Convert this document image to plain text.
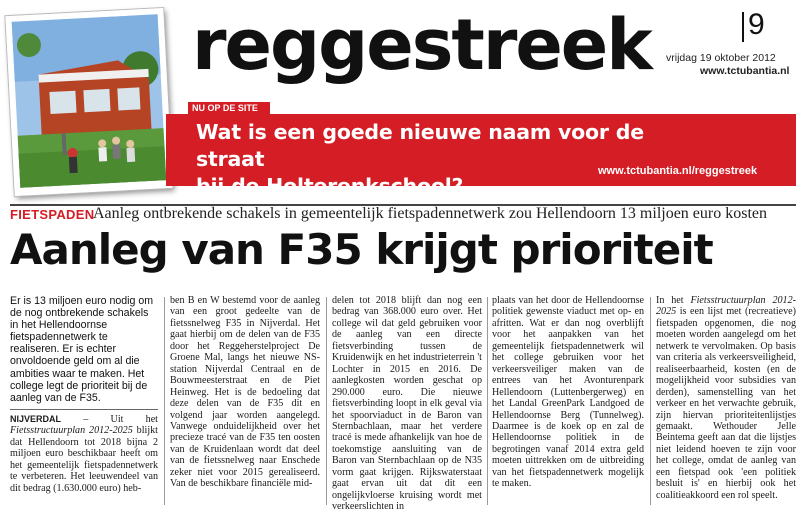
reggestreek	9
vrijdag 19 oktober 2012
www.tctubantia.nl
NU OP DE SITE
Wat is een goede nieuwe naam voor de straat
bij de Holterenkschool?
www.tctubantia.nl/reggestreek
FIETSPADEN
Aanleg ontbrekende schakels in gemeentelijk fietspadennetwerk zou Hellendoorn 13 miljoen euro kosten
Aanleg van F35 krijgt prioriteit

Er is 13 miljoen euro nodig om de nog ontbrekende schakels in het Hellendoornse fietspadennetwerk te realiseren. Er is echter onvoldoende geld om al die ambities waar te maken. Het college legt de prioriteit bij de aanleg van de F35.

NIJVERDAL – Uit het Fietsstructuurplan 2012-2025 blijkt dat Hellendoorn tot 2018 bijna 2 miljoen euro beschikbaar heeft om het gemeentelijk fietspadennetwerk te verbeteren. Het leeuwendeel van dit bedrag (1.630.000 euro) heb-

ben B en W bestemd voor de aanleg van een groot gedeelte van de fietssnelweg F35 in Nijverdal. Het gaat hierbij om de delen van de F35 door het Reggeherstelproject De Groene Mal, langs het nieuwe NS-station Nijverdal Centraal en de Bouwmeesterstraat en de Piet Heinweg. Het is de bedoeling dat deze delen van de F35 dit en volgend jaar worden aangelegd. Vanwege onduidelijkheid over het precieze tracé van de F35 ten oosten van de Kruidenlaan wordt dat deel van de fietssnelweg naar Enschede zeker niet voor 2015 gerealiseerd. Van de beschikbare financiële mid-

delen tot 2018 blijft dan nog een bedrag van 368.000 euro over. Het college wil dat geld gebruiken voor de aanleg van een directe fietsverbinding tussen de Kruidenwijk en het industrieterrein 't Lochter in 2015 en 2016. De aanlegkosten worden geschat op 290.000 euro. Die nieuwe fietsverbinding loopt in elk geval via het spoorviaduct in de Baron van Sternbachlaan, maar het verdere tracé is mede afhankelijk van hoe de toekomstige aansluiting van de Baron van Sternbachlaan op de N35 vorm gaat krijgen. Rijkswaterstaat gaat ervan uit dat dit een ongelijkvloerse kruising wordt met verkeerslichten in

plaats van het door de Hellendoornse politiek gewenste viaduct met op- en afritten. Wat er dan nog overblijft voor het aanpakken van het gemeentelijk fietspadennetwerk wil het college gebruiken voor het verkeersveiliger maken van de entrees van het Avonturenpark Hellendoorn (Luttenbergerweg) en het Landal GreenPark Landgoed de Hellendoornse Berg (Tunnelweg). Daarmee is de koek op en zal de Hellendoornse politiek in de begrotingen vanaf 2014 extra geld moeten uittrekken om de uitbreiding van het fietspadennetwerk mogelijk te maken.

In het Fietsstructuurplan 2012-2025 is een lijst met (recreatieve) fietspaden opgenomen, die nog moeten worden aangelegd om het netwerk te vervolmaken. Op basis van criteria als verkeersveiligheid, realiseerbaarheid, kosten (en de mogelijkheid voor subsidies van derden), samenstelling van het verkeer en het verwachte gebruik, zijn hiervan prioriteitenlijstjes gemaakt. Wethouder Jelle Beintema geeft aan dat die lijstjes niet leidend hoeven te zijn voor het college, omdat de aanleg van een fietspad ook 'een politiek besluit is' en hierbij ook het coalitieakkoord een rol speelt.
